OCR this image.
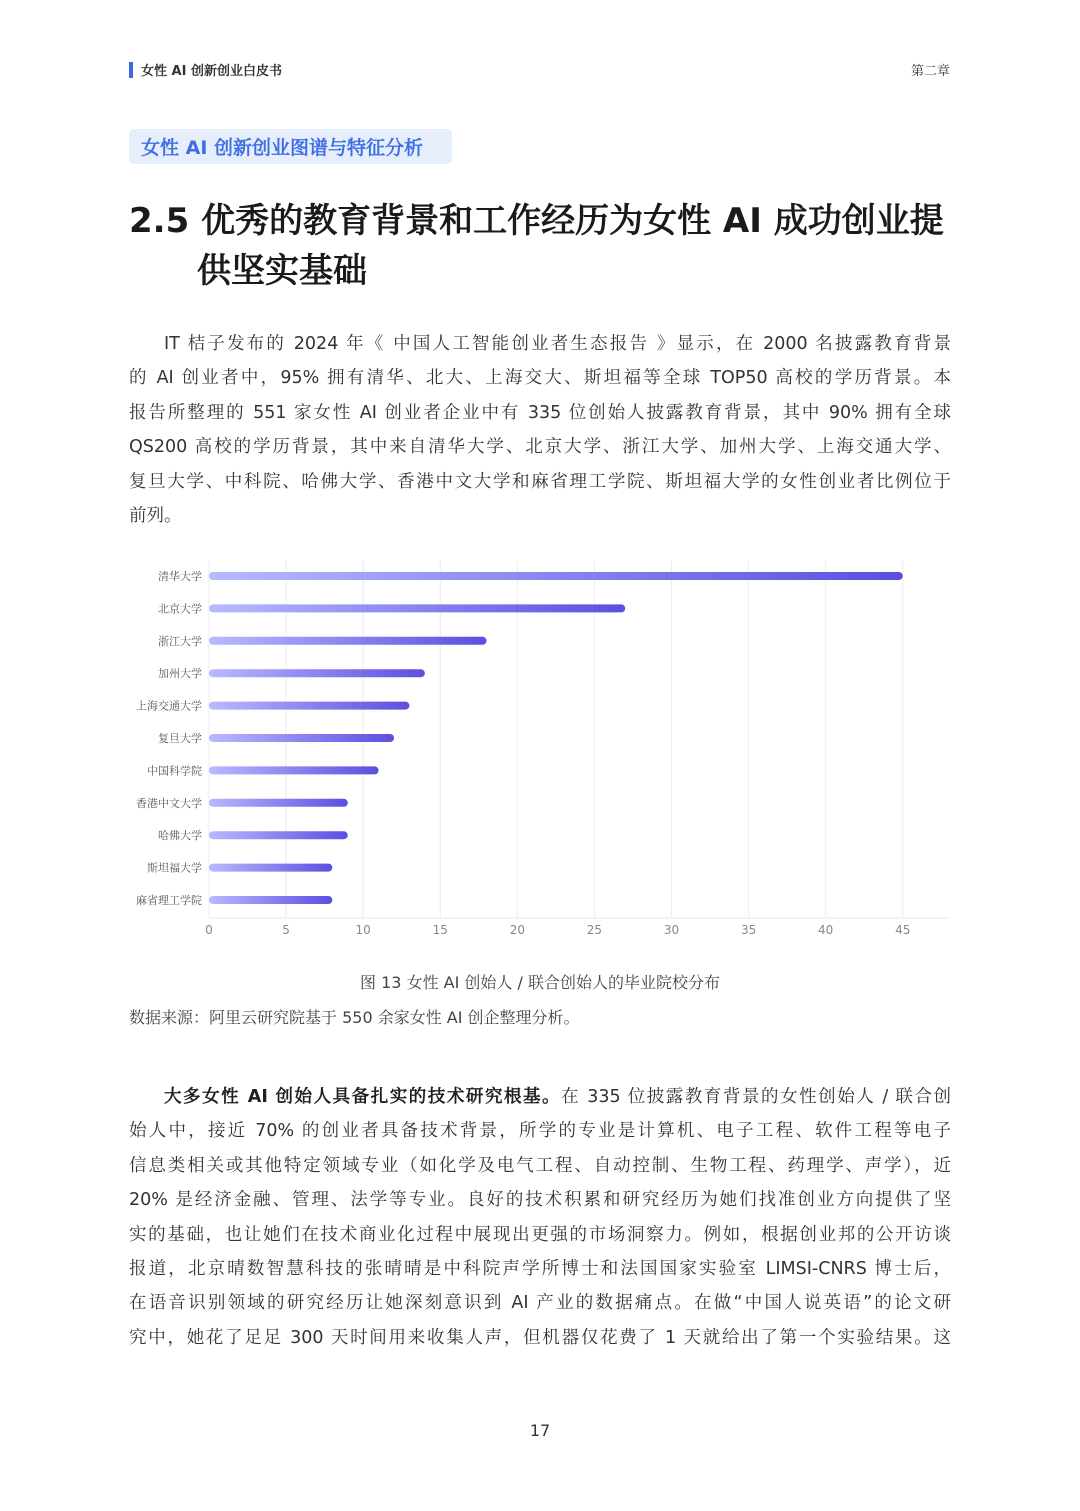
女性 AI 创新创业白皮书	第二章
女性 AI 创新创业图谱与特征分析
2.5 优秀的教育背景和工作经历为女性 AI 成功创业提
供坚实基础
IT 桔子发布的 2024 年《 中国人工智能创业者生态报告 》显示，在 2000 名披露教育背景
的 AI 创业者中，95% 拥有清华、北大、上海交大、斯坦福等全球 TOP50 高校的学历背景。本
报告所整理的 551 家女性 AI 创业者企业中有 335 位创始人披露教育背景，其中 90% 拥有全球
QS200 高校的学历背景，其中来自清华大学、北京大学、浙江大学、加州大学、上海交通大学、
复旦大学、中科院、哈佛大学、香港中文大学和麻省理工学院、斯坦福大学的女性创业者比例位于
前列。
清华大学
北京大学
浙江大学
加州大学
上海交通大学
复旦大学
中国科学院
香港中文大学
哈佛大学
斯坦福大学
麻省理工学院
0	5	10	15	20	25	30	35	40	45
图 13 女性 AI 创始人 / 联合创始人的毕业院校分布
数据来源：阿里云研究院基于 550 余家女性 AI 创企整理分析。
大多女性 AI 创始人具备扎实的技术研究根基。在 335 位披露教育背景的女性创始人 / 联合创
始人中，接近 70% 的创业者具备技术背景，所学的专业是计算机、电子工程、软件工程等电子
信息类相关或其他特定领域专业（如化学及电气工程、自动控制、生物工程、药理学、声学），近
20% 是经济金融、管理、法学等专业。良好的技术积累和研究经历为她们找准创业方向提供了坚
实的基础，也让她们在技术商业化过程中展现出更强的市场洞察力。例如，根据创业邦的公开访谈
报道，北京晴数智慧科技的张晴晴是中科院声学所博士和法国国家实验室 LIMSI-CNRS 博士后，
在语音识别领域的研究经历让她深刻意识到 AI 产业的数据痛点。在做“中国人说英语”的论文研
究中，她花了足足 300 天时间用来收集人声，但机器仅花费了 1 天就给出了第一个实验结果。这
17
